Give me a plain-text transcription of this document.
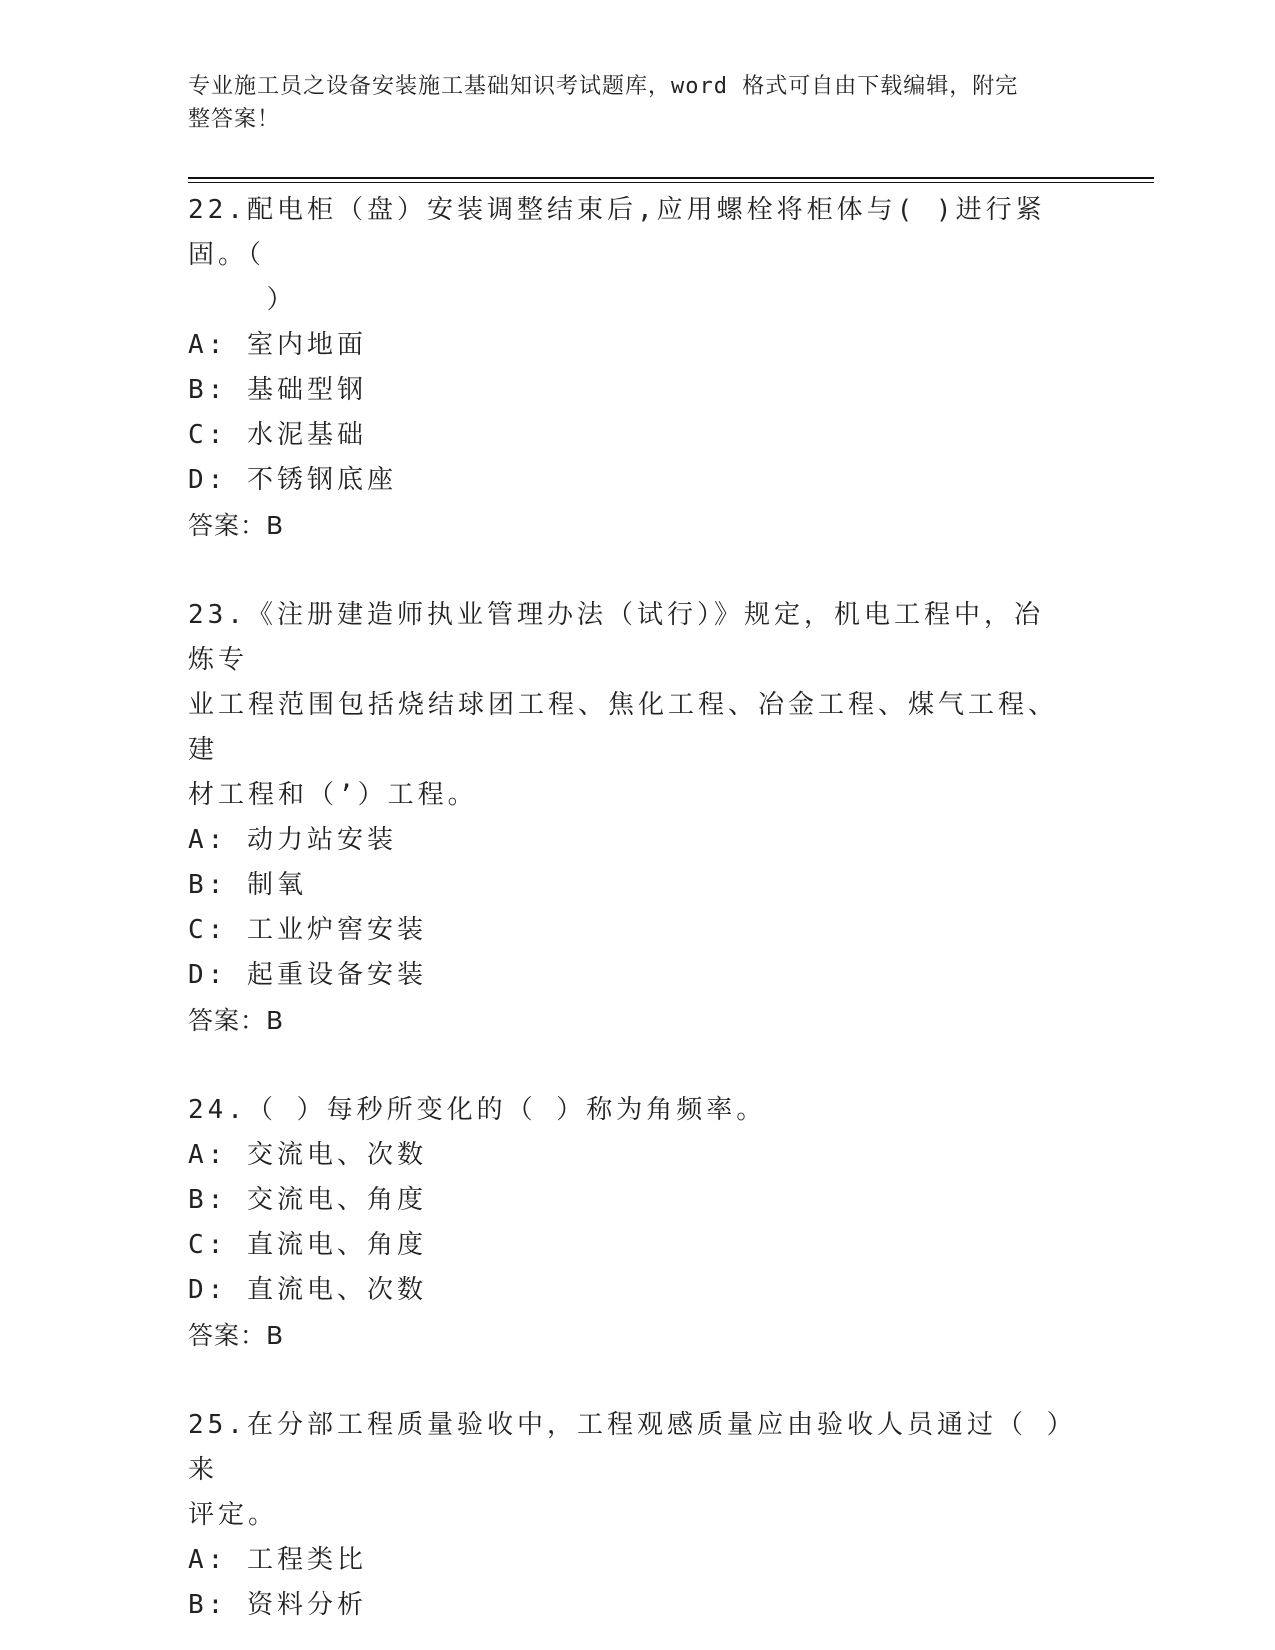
专业施工员之设备安装施工基础知识考试题库，word 格式可自由下载编辑，附完
整答案！
22.配电柜（盘）安装调整结束后,应用螺栓将柜体与( )进行紧固。（
）
A: 室内地面
B: 基础型钢
C: 水泥基础
D: 不锈钢底座
答案：B
23.《注册建造师执业管理办法（试行）》规定，机电工程中，冶炼专
业工程范围包括烧结球团工程、焦化工程、冶金工程、煤气工程、建
材工程和（’）工程。
A: 动力站安装
B: 制氧
C: 工业炉窖安装
D: 起重设备安装
答案：B
24.（ ）每秒所变化的（ ）称为角频率。
A: 交流电、次数
B: 交流电、角度
C: 直流电、角度
D: 直流电、次数
答案：B
25.在分部工程质量验收中，工程观感质量应由验收人员通过（ ）来
评定。
A: 工程类比
B: 资料分析
